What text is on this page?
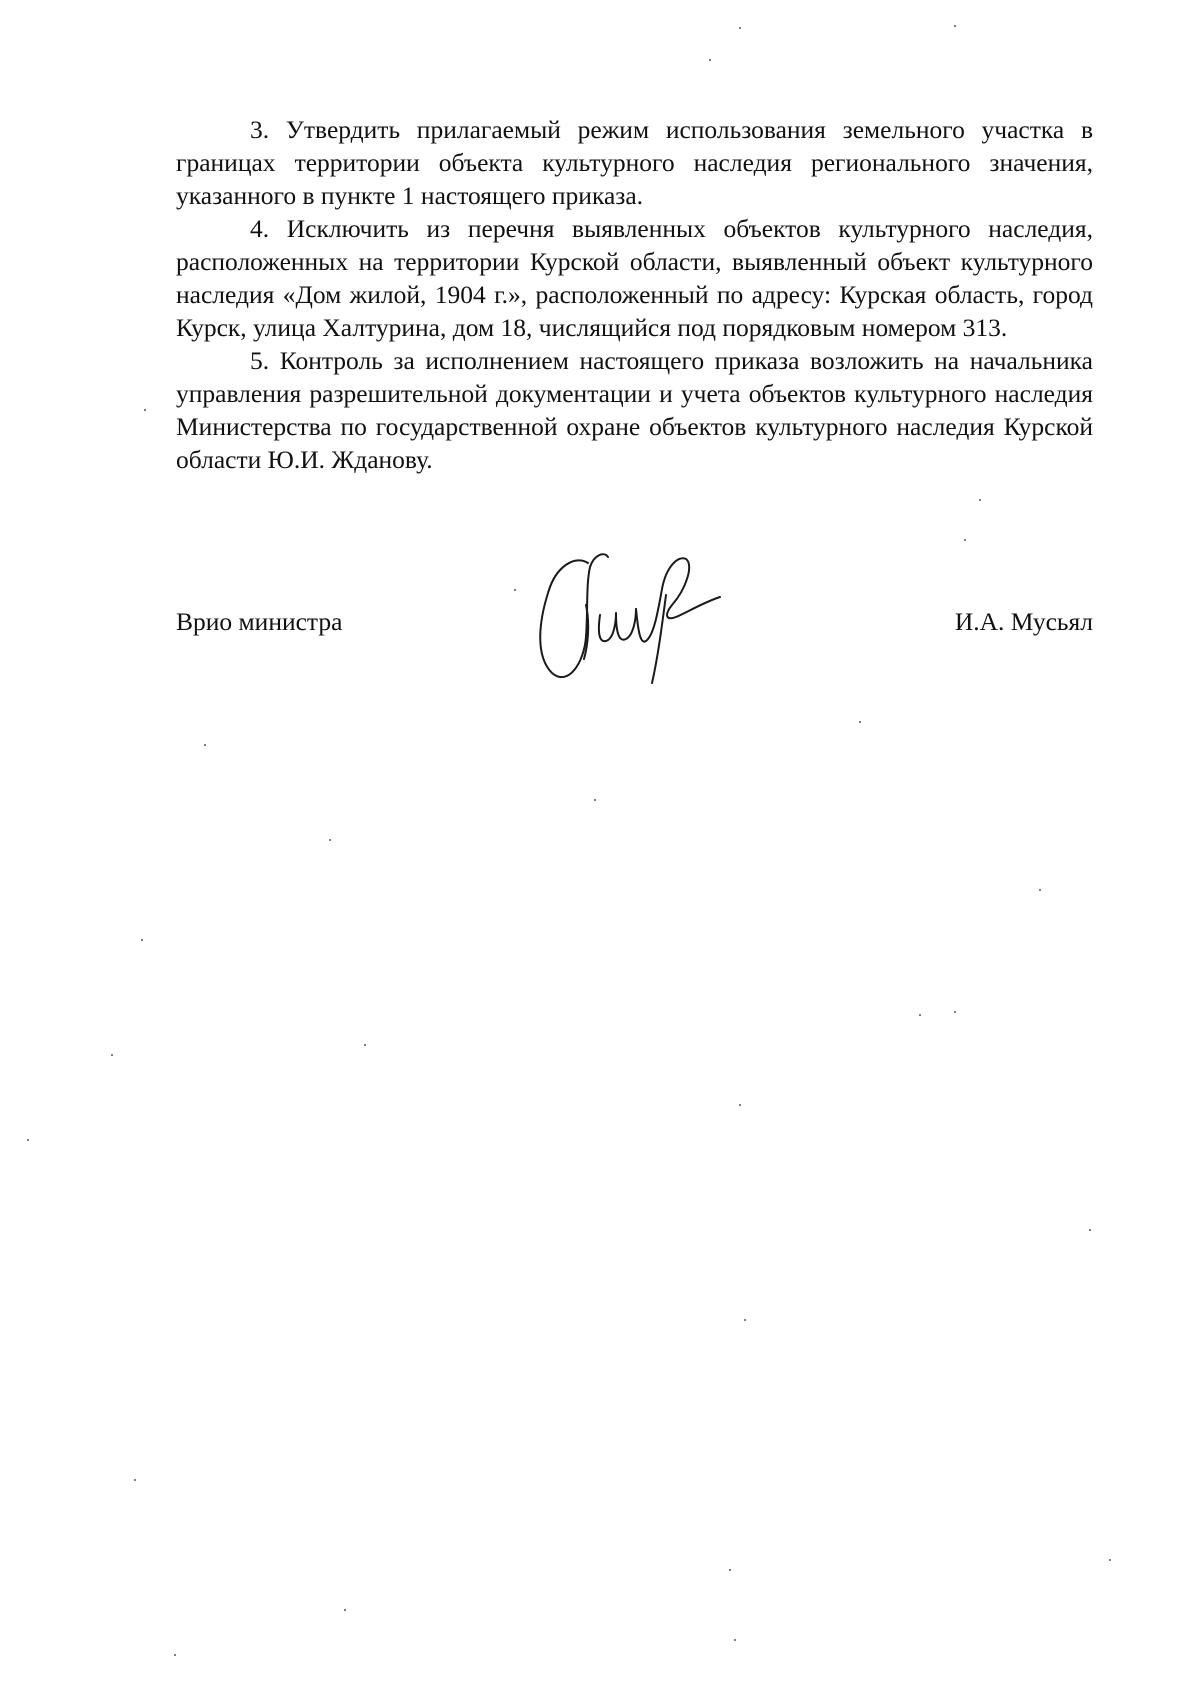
3. Утвердить прилагаемый режим использования земельного участка в границах территории объекта культурного наследия регионального значения, указанного в пункте 1 настоящего приказа.

4. Исключить из перечня выявленных объектов культурного наследия, расположенных на территории Курской области, выявленный объект культурного наследия «Дом жилой, 1904 г.», расположенный по адресу: Курская область, город Курск, улица Халтурина, дом 18, числящийся под порядковым номером 313.

5. Контроль за исполнением настоящего приказа возложить на начальника управления разрешительной документации и учета объектов культурного наследия Министерства по государственной охране объектов культурного наследия Курской области Ю.И. Жданову.

Врио министра	И.А. Мусьял
